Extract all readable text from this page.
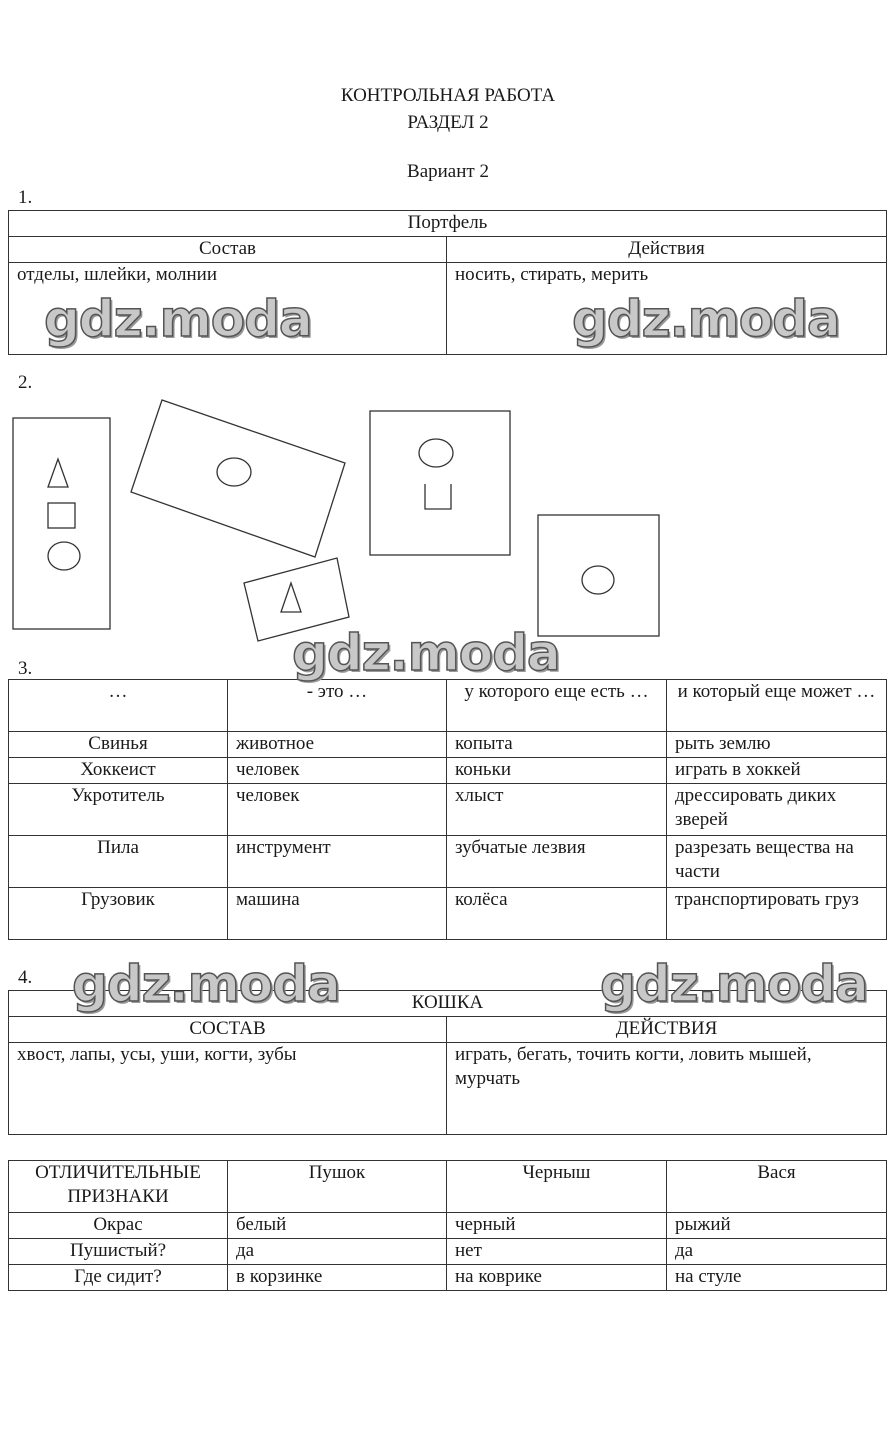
КОНТРОЛЬНАЯ РАБОТА
РАЗДЕЛ 2
Вариант 2
1.
Портфель	
Состав	Действия
отделы, шлейки, молнии	носить, стирать, мерить
2.
3.
…	- это …	у которого еще есть …	и который еще может …
Свинья	животное	копыта	рыть землю
Хоккеист	человек	коньки	играть в хоккей
Укротитель	человек	хлыст	дрессировать диких зверей
Пила	инструмент	зубчатые лезвия	разрезать вещества на части
Грузовик	машина	колёса	транспортировать груз
4.
КОШКА	
СОСТАВ	ДЕЙСТВИЯ
хвост, лапы, усы, уши, когти, зубы	играть, бегать, точить когти, ловить мышей, мурчать
ОТЛИЧИТЕЛЬНЫЕ ПРИЗНАКИ	Пушок	Черныш	Вася
Окрас	белый	черный	рыжий
Пушистый?	да	нет	да
Где сидит?	в корзинке	на коврике	на стуле
gdz.moda	gdz.moda
gdz.moda
gdz.moda	gdz.moda
